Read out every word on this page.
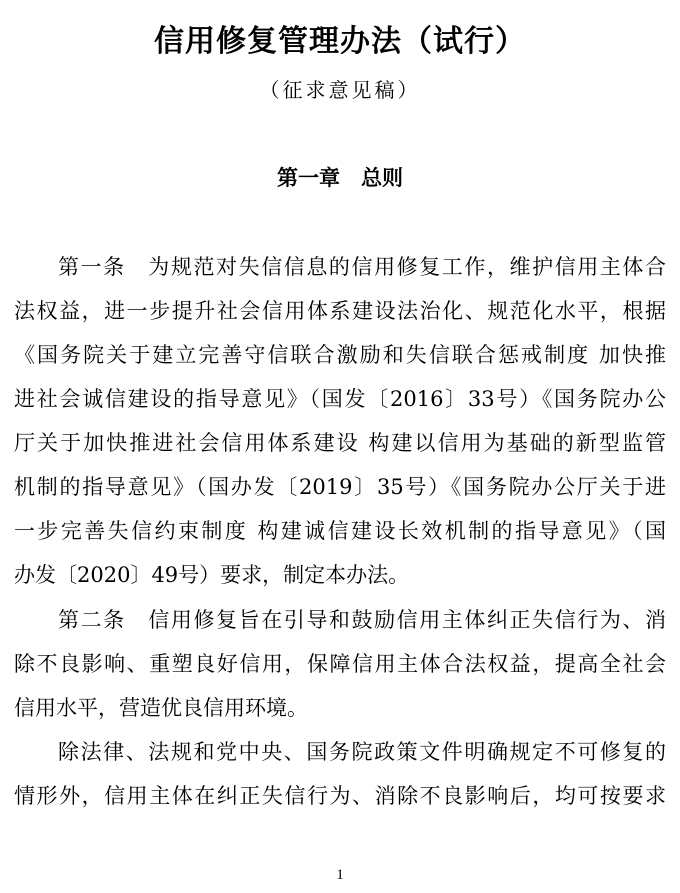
信用修复管理办法（试行）
（征求意见稿）
第一章　总则
第一条　为规范对失信信息的信用修复工作，维护信用主体合
法权益，进一步提升社会信用体系建设法治化、规范化水平，根据
《国务院关于建立完善守信联合激励和失信联合惩戒制度 加快推
进社会诚信建设的指导意见》（国发〔2016〕33号）《国务院办公
厅关于加快推进社会信用体系建设 构建以信用为基础的新型监管
机制的指导意见》（国办发〔2019〕35号）《国务院办公厅关于进
一步完善失信约束制度 构建诚信建设长效机制的指导意见》（国
办发〔2020〕49号）要求，制定本办法。
第二条　信用修复旨在引导和鼓励信用主体纠正失信行为、消
除不良影响、重塑良好信用，保障信用主体合法权益，提高全社会
信用水平，营造优良信用环境。
除法律、法规和党中央、国务院政策文件明确规定不可修复的
情形外，信用主体在纠正失信行为、消除不良影响后，均可按要求
1
